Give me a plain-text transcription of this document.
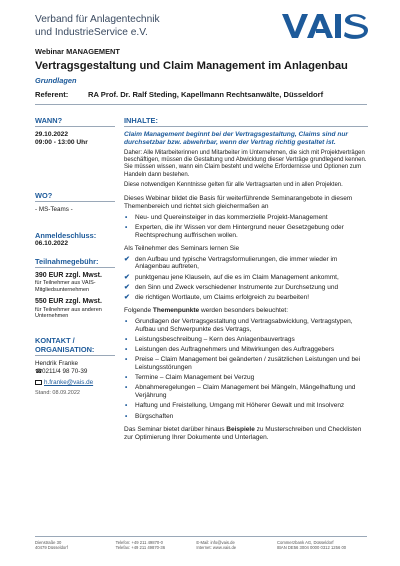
Verband für Anlagentechnik
und IndustrieService e.V.
Webinar MANAGEMENT
Vertragsgestaltung und Claim Management im Anlagenbau
Grundlagen
Referent:	RA Prof. Dr. Ralf Steding, Kapellmann Rechtsanwälte, Düsseldorf
WANN?
29.10.2022
09:00 - 13:00 Uhr
WO?
- MS-Teams -
Anmeldeschluss:
06.10.2022
Teilnahmegebühr:
390 EUR zzgl. Mwst.
für Teilnehmer aus VAIS-Mitgliedsunternehmen
550 EUR zzgl. Mwst.
für Teilnehmer aus anderen Unternehmen
KONTAKT /
ORGANISATION:
Hendrik Franke
☎0211/4 98 70-39
h.franke@vais.de
Stand: 08.09.2022
INHALTE:
Claim Management beginnt bei der Vertragsgestaltung, Claims sind nur durchsetzbar bzw. abwehrbar, wenn der Vertrag richtig gestaltet ist.
Daher: Alle Mitarbeiterinnen und Mitarbeiter im Unternehmen, die sich mit Projektverträgen beschäftigen, müssen die Gestaltung und Abwicklung dieser Verträge grundlegend kennen. Sie müssen wissen, wann ein Claim besteht und welche Erfordernisse und Optionen zum Handeln dann bestehen.
Diese notwendigen Kenntnisse gelten für alle Vertragsarten und in allen Projekten.
Dieses Webinar bildet die Basis für weiterführende Seminarangebote in diesem Themenbereich und richtet sich gleichermaßen an
• Neu- und Quereinsteiger in das kommerzielle Projekt-Management
• Experten, die ihr Wissen vor dem Hintergrund neuer Gesetzgebung oder Rechtsprechung auffrischen wollen.
Als Teilnehmer des Seminars lernen Sie
✔ den Aufbau und typische Vertragsformulierungen, die immer wieder im Anlagenbau auftreten,
✔ punktgenau jene Klauseln, auf die es im Claim Management ankommt,
✔ den Sinn und Zweck verschiedener Instrumente zur Durchsetzung und
✔ die richtigen Wortlaute, um Claims erfolgreich zu bearbeiten!
Folgende Themenpunkte werden besonders beleuchtet:
• Grundlagen der Vertragsgestaltung und Vertragsabwicklung, Vertragstypen, Aufbau und Schwerpunkte des Vertrags,
• Leistungsbeschreibung – Kern des Anlagenbauvertrags
• Leistungen des Auftragnehmers und Mitwirkungen des Auftraggebers
• Preise – Claim Management bei geänderten / zusätzlichen Leistungen und bei Leistungsstörungen
• Termine – Claim Management bei Verzug
• Abnahmeregelungen – Claim Management bei Mängeln, Mängelhaftung und Verjährung
• Haftung und Freistellung, Umgang mit Höherer Gewalt und mit Insolvenz
• Bürgschaften
Das Seminar bietet darüber hinaus Beispiele zu Musterschreiben und Checklisten zur Optimierung Ihrer Dokumente und Unterlagen.
Dienstraße 30
40479 Düsseldorf
Telefon: +49 211 49870-0
Telefax: +49 211 49870-36
E-Mail: info@vais.de
Internet: www.vais.de
Commerzbank AG, Düsseldorf
IBAN DE56 3004 0000 0312 1256 00
